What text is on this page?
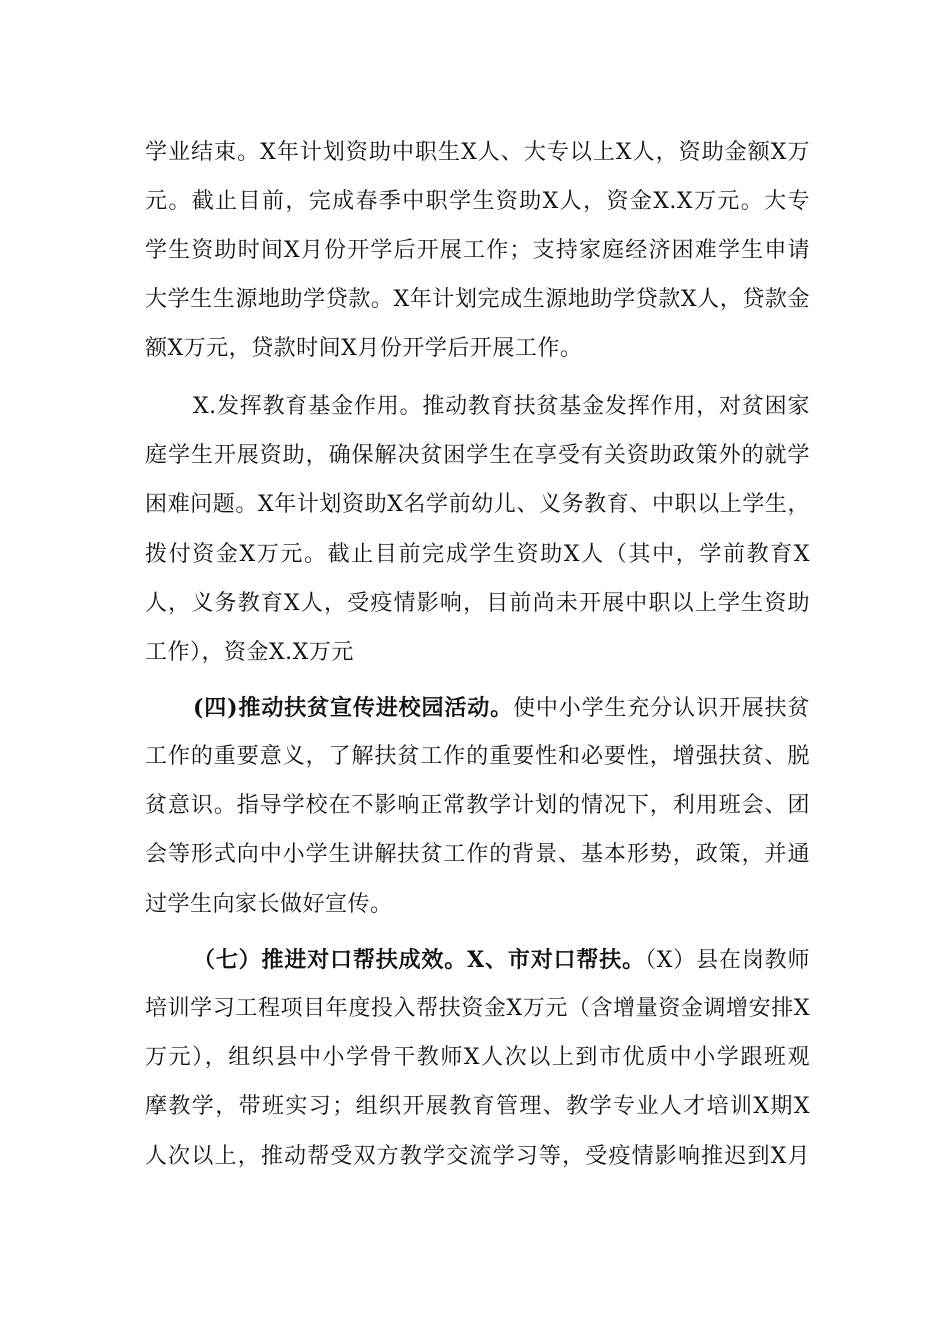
学业结束。X年计划资助中职生X人、大专以上X人，资助金额X万
元。截止目前，完成春季中职学生资助X人，资金X.X万元。大专
学生资助时间X月份开学后开展工作；支持家庭经济困难学生申请
大学生生源地助学贷款。X年计划完成生源地助学贷款X人，贷款金
额X万元，贷款时间X月份开学后开展工作。
X.发挥教育基金作用。推动教育扶贫基金发挥作用，对贫困家
庭学生开展资助，确保解决贫困学生在享受有关资助政策外的就学
困难问题。X年计划资助X名学前幼儿、义务教育、中职以上学生，
拨付资金X万元。截止目前完成学生资助X人（其中，学前教育X
人，义务教育X人，受疫情影响，目前尚未开展中职以上学生资助
工作），资金X.X万元
(四)推动扶贫宣传进校园活动。使中小学生充分认识开展扶贫
工作的重要意义，了解扶贫工作的重要性和必要性，增强扶贫、脱
贫意识。指导学校在不影响正常教学计划的情况下，利用班会、团
会等形式向中小学生讲解扶贫工作的背景、基本形势，政策，并通
过学生向家长做好宣传。
（七）推进对口帮扶成效。X、市对口帮扶。（X）县在岗教师
培训学习工程项目年度投入帮扶资金X万元（含增量资金调增安排X
万元），组织县中小学骨干教师X人次以上到市优质中小学跟班观
摩教学，带班实习；组织开展教育管理、教学专业人才培训X期X
人次以上，推动帮受双方教学交流学习等，受疫情影响推迟到X月
